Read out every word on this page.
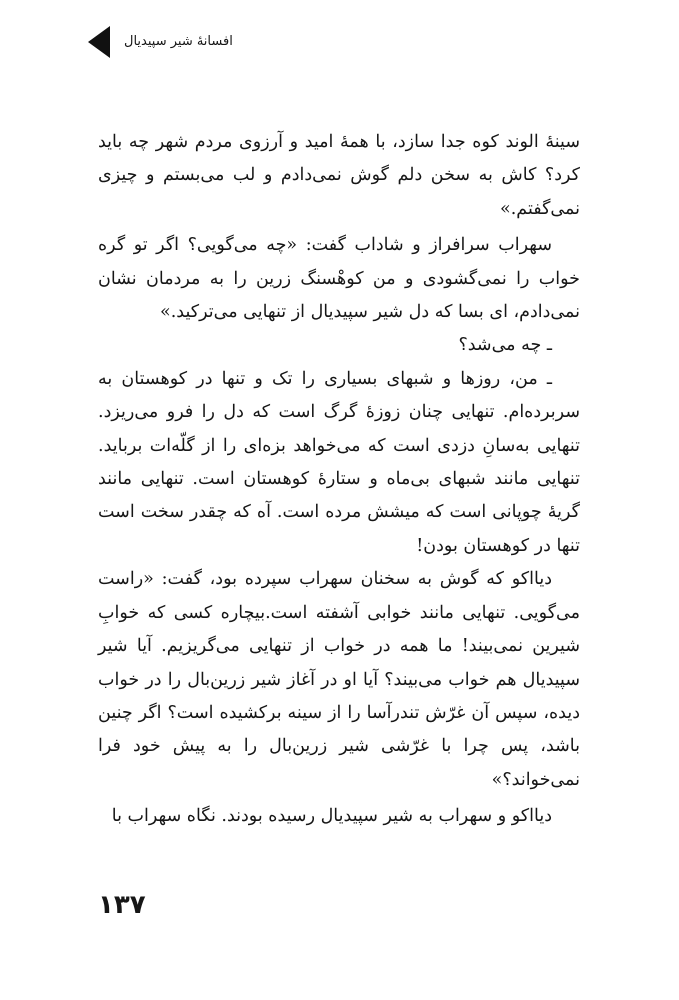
افسانۀ شیر سپیدیال

سینۀ الوند کوه جدا سازد، با همۀ امید و آرزوی مردم شهر چه باید کرد؟ کاش به سخن دلم گوش نمی‌دادم و لب می‌بستم و چیزی نمی‌گفتم.»

سهراب سرافراز و شاداب گفت: «چه می‌گویی؟ اگر تو گره خواب را نمی‌گشودی و من کوهْسنگ زرین را به مردمان نشان نمی‌دادم، ای بسا که دل شیر سپیدیال از تنهایی می‌ترکید.»

ـ چه می‌شد؟

ـ من، روزها و شبهای بسیاری را تک و تنها در کوهستان به سربرده‌ام. تنهایی چنان زوزۀ گرگ است که دل را فرو می‌ریزد. تنهایی به‌سانِ دزدی است که می‌خواهد بزه‌ای را از گلّه‌ات برباید. تنهایی مانند شبهای بی‌ماه و ستارۀ کوهستان است. تنهایی مانند گریۀ چوپانی است که میشش مرده است. آه که چقدر سخت است تنها در کوهستان بودن!

دیااکو که گوش به سخنان سهراب سپرده بود، گفت: «راست می‌گویی. تنهایی مانند خوابی آشفته است.بیچاره کسی که خوابِ شیرین نمی‌بیند! ما همه در خواب از تنهایی می‌گریزیم. آیا شیر سپیدیال هم خواب می‌بیند؟ آیا او در آغاز شیر زرین‌بال را در خواب دیده، سپس آن غرّش تندرآسا را از سینه برکشیده است؟ اگر چنین باشد، پس چرا با غرّشی شیر زرین‌بال را به پیش خود فرا نمی‌خواند؟»

دیااکو و سهراب به شیر سپیدیال رسیده بودند. نگاه سهراب با

۱۳۷
